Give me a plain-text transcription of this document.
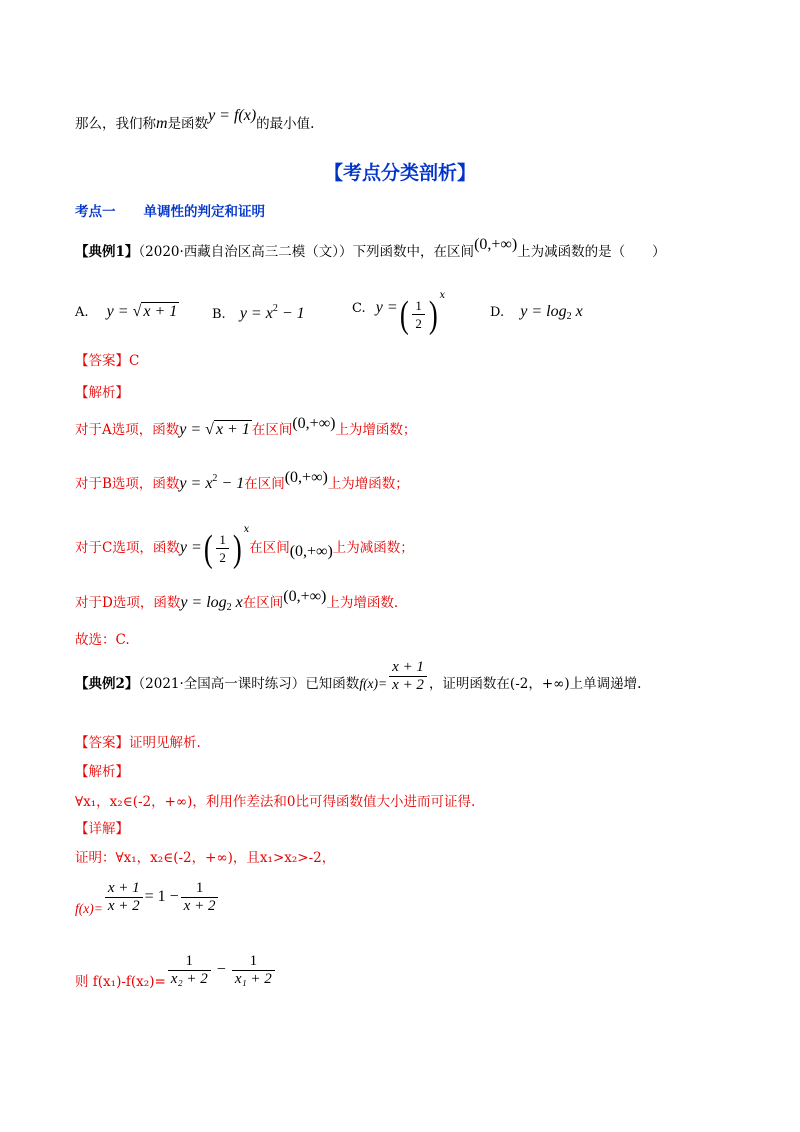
那么，我们称m是函数y = f(x)的最小值.
【考点分类剖析】
考点一 单调性的判定和证明
【典例1】（2020·西藏自治区高三二模（文））下列函数中，在区间(0,+∞)上为减函数的是（　　）
A. y = √ x + 1	B. $y = x^2 - 1$	C. y =( $\frac{1}{2}$ ) $^x$
D. $y = \log_2 x$
【答案】C
【解析】
对于A选项，函数y = √ x + 1 在区间(0,+∞)上为增函数；
对于B选项，函数$y = x^2 - 1$在区间(0,+∞)上为增函数；
对于C选项，函数y =( $\frac{1}{2}$ ) $^x$在区间(0,+∞)上为减函数；
对于D选项，函数$y = \log_2 x$在区间(0,+∞)上为增函数.
故选：C.
【典例2】（2021·全国高一课时练习）已知函数$f(x)= \frac{x + 1}{x + 2}$ ，证明函数在(-2，+∞)上单调递增.
【答案】证明见解析.
【解析】
∀x₁，x₂∈(-2，+∞)，利用作差法和0比可得函数值大小进而可证得.
【详解】
证明：∀x₁，x₂∈(-2，+∞)，且x₁>x₂>-2，
$f(x)= \frac{x + 1}{x + 2} = 1 - \frac{1}{x + 2}$
则 $f(x_1)-f(x_2)= \frac{1}{\text{x₂ + 2}} - \frac{1}{\text{x₁ + 2}}$
